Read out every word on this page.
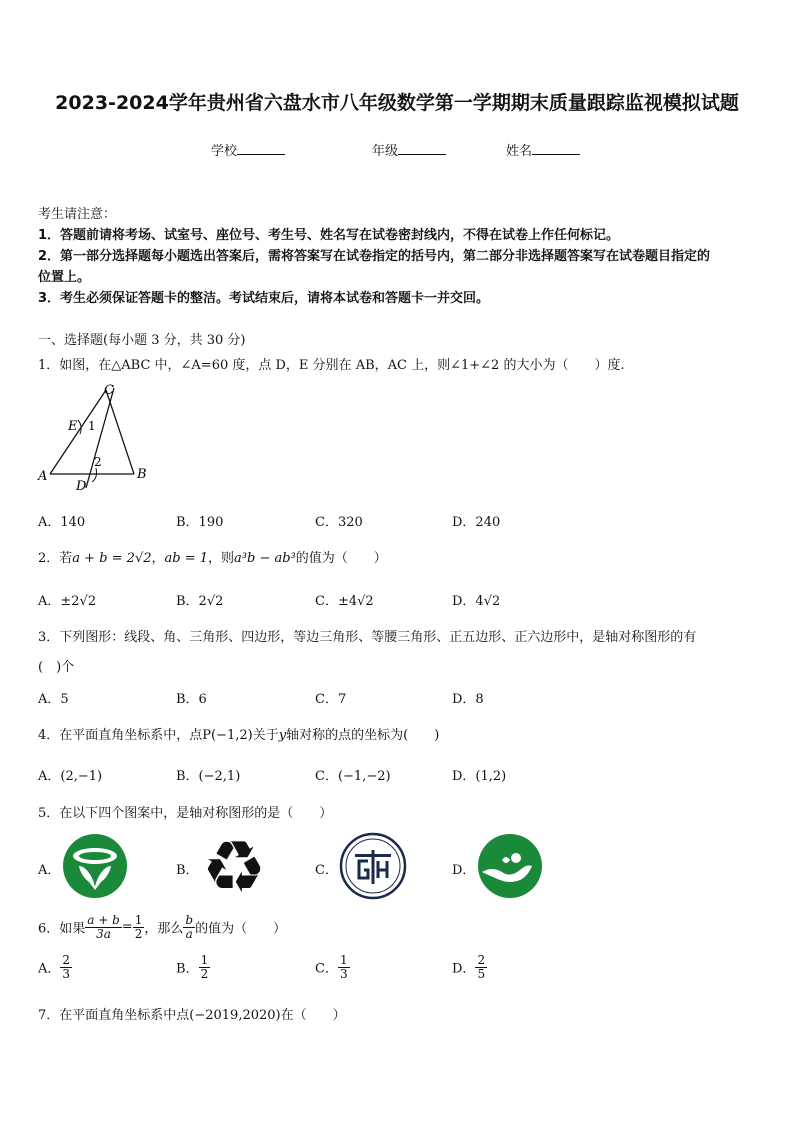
2023-2024学年贵州省六盘水市八年级数学第一学期期末质量跟踪监视模拟试题
学校	年级	姓名
考生请注意：
1．答题前请将考场、试室号、座位号、考生号、姓名写在试卷密封线内，不得在试卷上作任何标记。
2．第一部分选择题每小题选出答案后，需将答案写在试卷指定的括号内，第二部分非选择题答案写在试卷题目指定的
位置上。
3．考生必须保证答题卡的整洁。考试结束后，请将本试卷和答题卡一并交回。
一、选择题(每小题 3 分，共 30 分)
1．如图，在△ABC 中，∠A=60 度，点 D，E 分别在 AB，AC 上，则∠1+∠2 的大小为（　　）度.
C
E 1
2
A	B
D
A．140	B．190	C．320	D．240
2．若a + b = 2√2，ab = 1，则a³b − ab³的值为（　　）
A．±2√2	B．2√2	C．±4√2	D．4√2
3．下列图形：线段、角、三角形、四边形，等边三角形、等腰三角形、正五边形、正六边形中，是轴对称图形的有
(　)个
A．5	B．6	C．7	D．8
4．在平面直角坐标系中，点P(−1,2)关于y轴对称的点的坐标为(　　)
A．(2,−1)	B．(−2,1)	C．(−1,−2)	D．(1,2)
5．在以下四个图案中，是轴对称图形的是（　　）
A．	B．	C．	D．
♻
6．如果 $\frac{a + b}{3a} = \frac{1}{2}$ ，那么 $\frac{b}{a}$ 的值为（　　）
A． $\frac{2}{3}$	B． $\frac{1}{2}$	C． $\frac{1}{3}$	D． $\frac{2}{5}$
7．在平面直角坐标系中点(−2019,2020)在（　　）
